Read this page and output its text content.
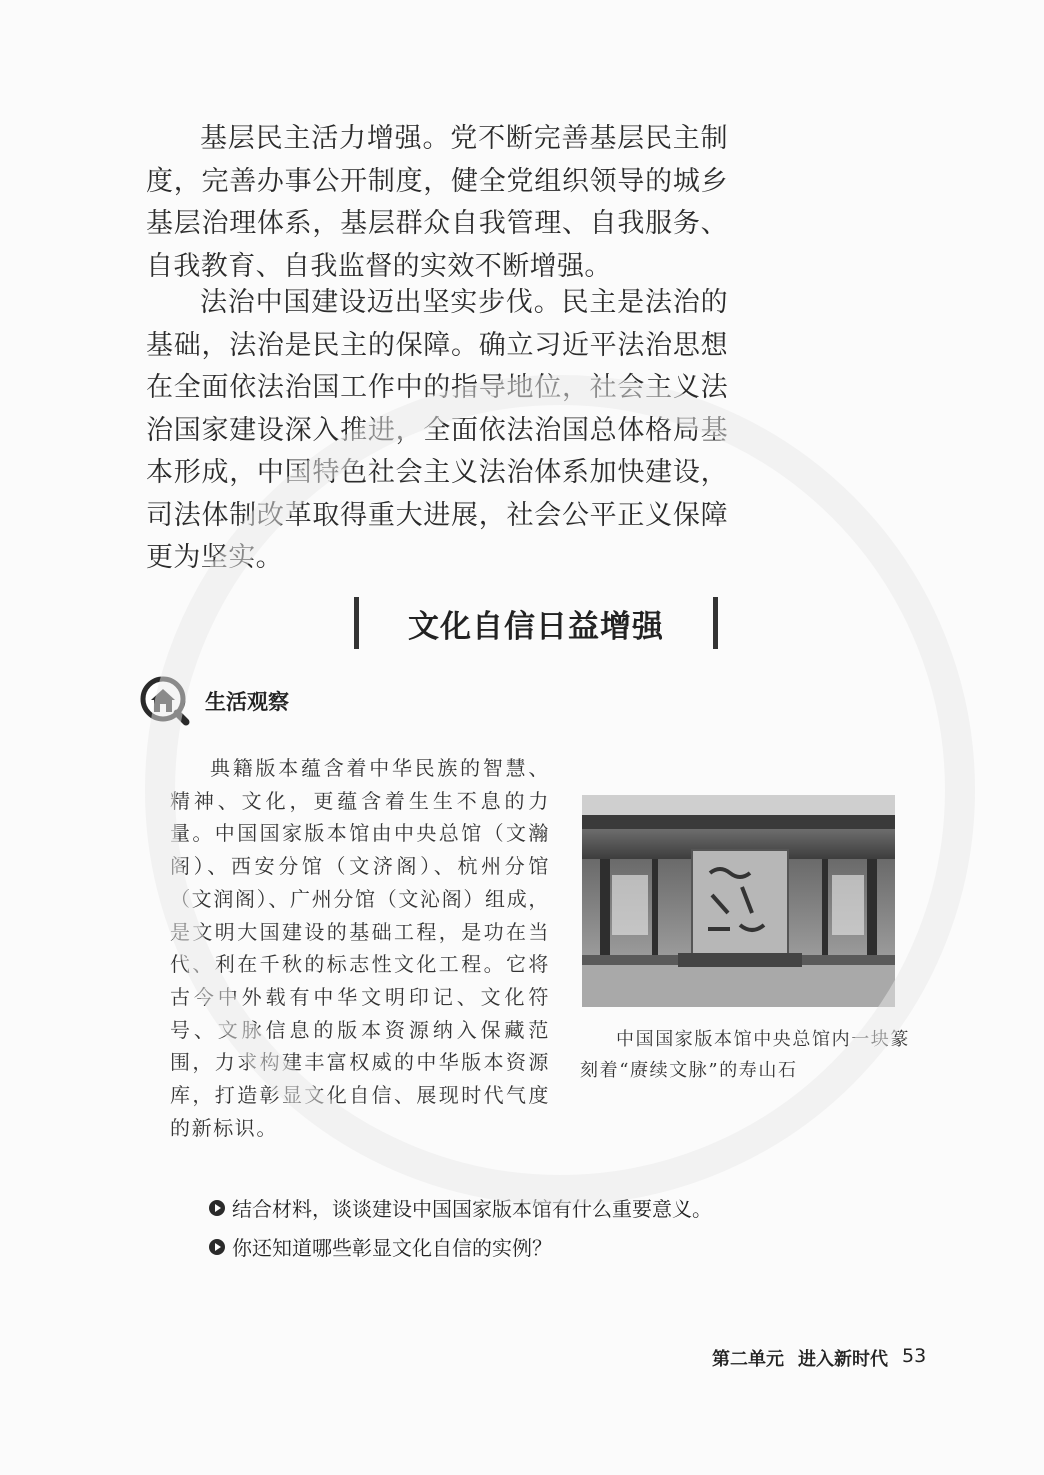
基层民主活力增强。党不断完善基层民主制度，完善办事公开制度，健全党组织领导的城乡基层治理体系，基层群众自我管理、自我服务、自我教育、自我监督的实效不断增强。

法治中国建设迈出坚实步伐。民主是法治的基础，法治是民主的保障。确立习近平法治思想在全面依法治国工作中的指导地位，社会主义法治国家建设深入推进，全面依法治国总体格局基本形成，中国特色社会主义法治体系加快建设，司法体制改革取得重大进展，社会公平正义保障更为坚实。

文化自信日益增强
生活观察

典籍版本蕴含着中华民族的智慧、精神、文化，更蕴含着生生不息的力量。中国国家版本馆由中央总馆（文瀚阁）、西安分馆（文济阁）、杭州分馆（文润阁）、广州分馆（文沁阁）组成，是文明大国建设的基础工程，是功在当代、利在千秋的标志性文化工程。它将古今中外载有中华文明印记、文化符号、文脉信息的版本资源纳入保藏范围，力求构建丰富权威的中华版本资源库，打造彰显文化自信、展现时代气度的新标识。

中国国家版本馆中央总馆内一块篆刻着“赓续文脉”的寿山石

结合材料，谈谈建设中国国家版本馆有什么重要意义。
你还知道哪些彰显文化自信的实例？
第二单元 进入新时代 53
